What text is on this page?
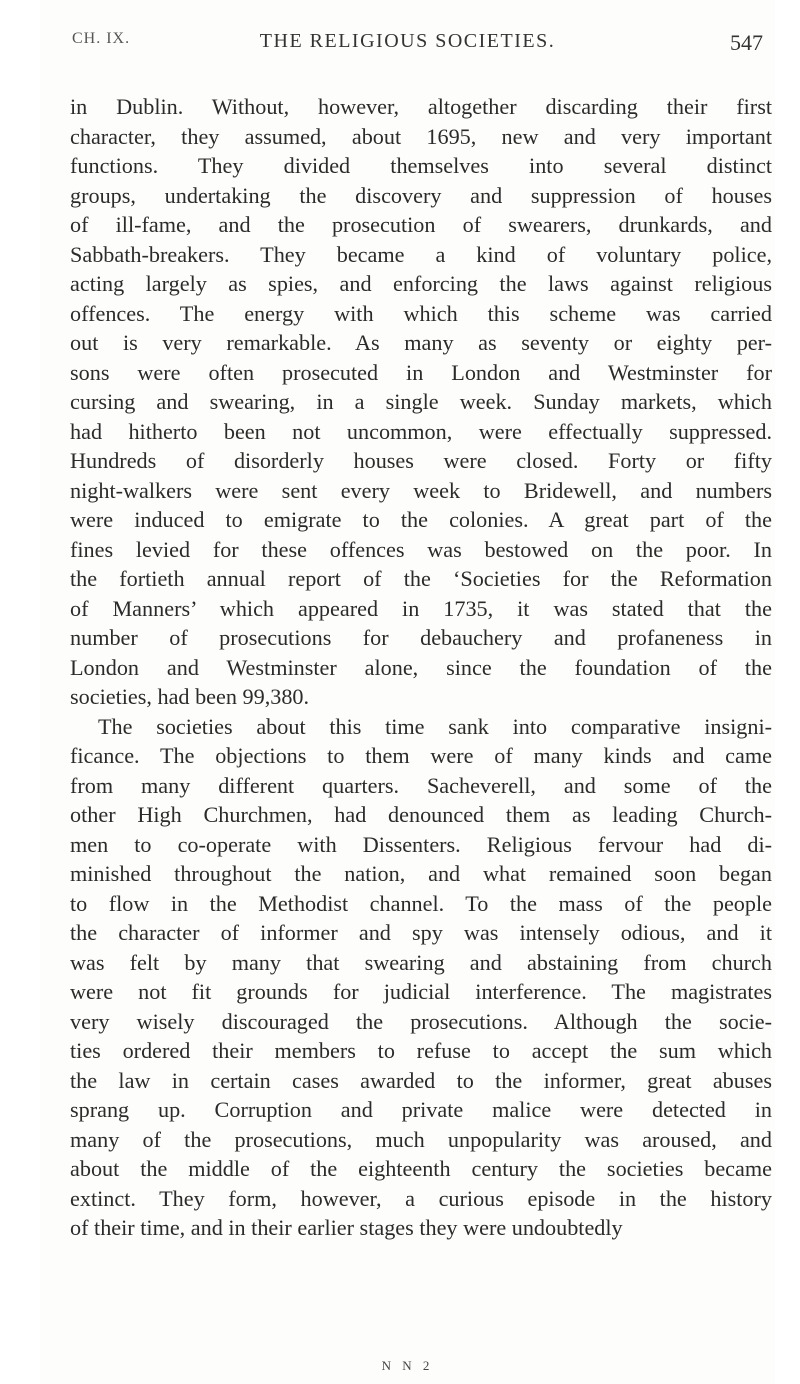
CH. IX.	THE RELIGIOUS SOCIETIES.	547
in Dublin. Without, however, altogether discarding their first
character, they assumed, about 1695, new and very important
functions. They divided themselves into several distinct
groups, undertaking the discovery and suppression of houses
of ill-fame, and the prosecution of swearers, drunkards, and
Sabbath-breakers. They became a kind of voluntary police,
acting largely as spies, and enforcing the laws against religious
offences. The energy with which this scheme was carried
out is very remarkable. As many as seventy or eighty per-
sons were often prosecuted in London and Westminster for
cursing and swearing, in a single week. Sunday markets, which
had hitherto been not uncommon, were effectually suppressed.
Hundreds of disorderly houses were closed. Forty or fifty
night-walkers were sent every week to Bridewell, and numbers
were induced to emigrate to the colonies. A great part of the
fines levied for these offences was bestowed on the poor. In
the fortieth annual report of the ‘Societies for the Reformation
of Manners’ which appeared in 1735, it was stated that the
number of prosecutions for debauchery and profaneness in
London and Westminster alone, since the foundation of the
societies, had been 99,380.
The societies about this time sank into comparative insigni-
ficance. The objections to them were of many kinds and came
from many different quarters. Sacheverell, and some of the
other High Churchmen, had denounced them as leading Church-
men to co-operate with Dissenters. Religious fervour had di-
minished throughout the nation, and what remained soon began
to flow in the Methodist channel. To the mass of the people
the character of informer and spy was intensely odious, and it
was felt by many that swearing and abstaining from church
were not fit grounds for judicial interference. The magistrates
very wisely discouraged the prosecutions. Although the socie-
ties ordered their members to refuse to accept the sum which
the law in certain cases awarded to the informer, great abuses
sprang up. Corruption and private malice were detected in
many of the prosecutions, much unpopularity was aroused, and
about the middle of the eighteenth century the societies became
extinct. They form, however, a curious episode in the history
of their time, and in their earlier stages they were undoubtedly
N N 2
